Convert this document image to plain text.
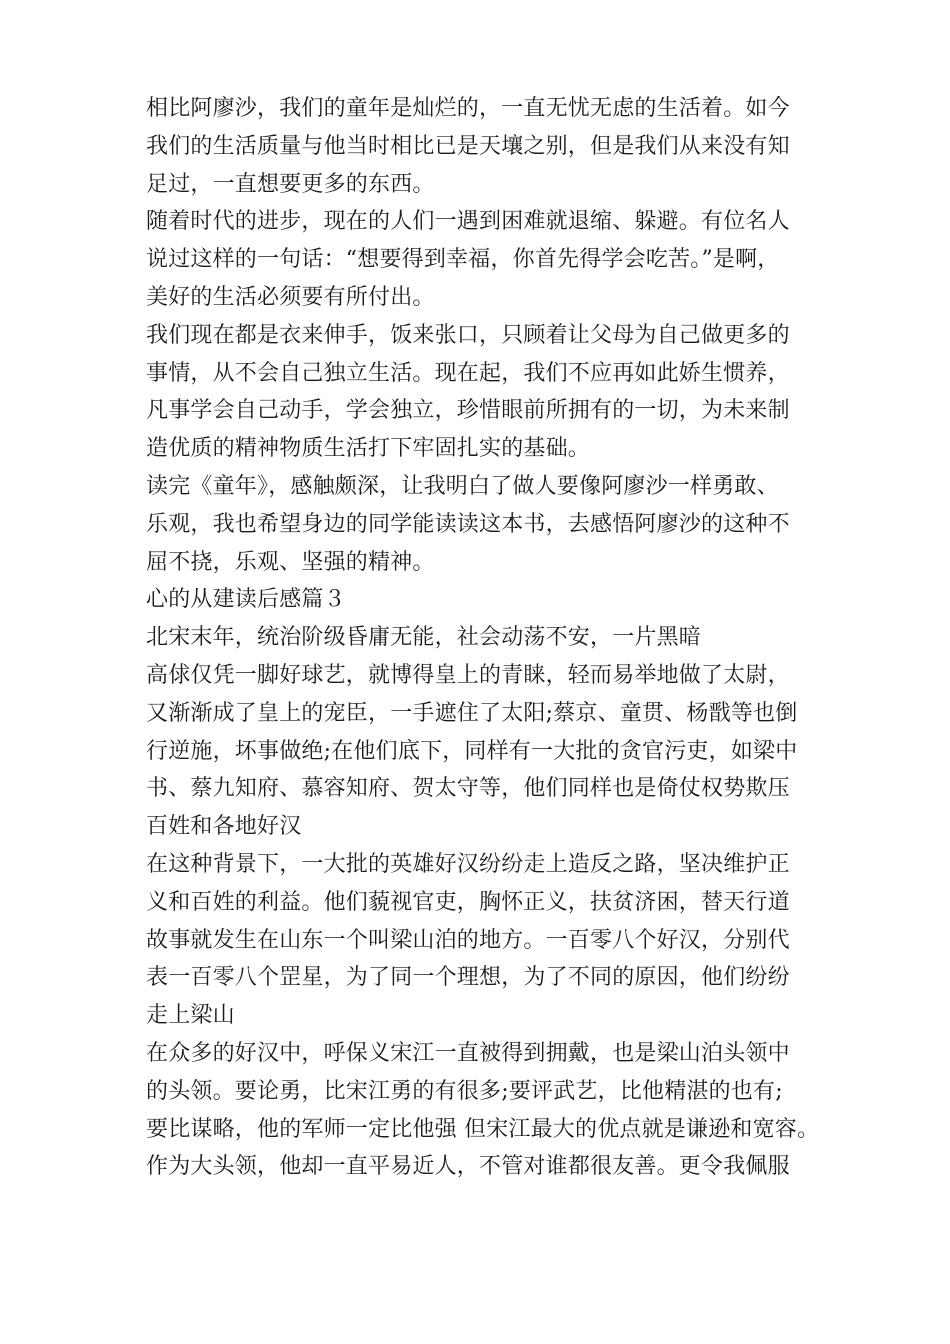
相比阿廖沙，我们的童年是灿烂的，一直无忧无虑的生活着。如今
我们的生活质量与他当时相比已是天壤之别，但是我们从来没有知
足过，一直想要更多的东西。
随着时代的进步，现在的人们一遇到困难就退缩、躲避。有位名人
说过这样的一句话：“想要得到幸福，你首先得学会吃苦。”是啊，
美好的生活必须要有所付出。
我们现在都是衣来伸手，饭来张口，只顾着让父母为自己做更多的
事情，从不会自己独立生活。现在起，我们不应再如此娇生惯养，
凡事学会自己动手，学会独立，珍惜眼前所拥有的一切，为未来制
造优质的精神物质生活打下牢固扎实的基础。
读完《童年》，感触颇深，让我明白了做人要像阿廖沙一样勇敢、
乐观，我也希望身边的同学能读读这本书，去感悟阿廖沙的这种不
屈不挠，乐观、坚强的精神。
心的从建读后感篇３
北宋末年，统治阶级昏庸无能，社会动荡不安，一片黑暗
高俅仅凭一脚好球艺，就博得皇上的青睐，轻而易举地做了太尉，
又渐渐成了皇上的宠臣，一手遮住了太阳;蔡京、童贯、杨戬等也倒
行逆施，坏事做绝;在他们底下，同样有一大批的贪官污吏，如梁中
书、蔡九知府、慕容知府、贺太守等，他们同样也是倚仗权势欺压
百姓和各地好汉
在这种背景下，一大批的英雄好汉纷纷走上造反之路，坚决维护正
义和百姓的利益。他们藐视官吏，胸怀正义，扶贫济困，替天行道
故事就发生在山东一个叫梁山泊的地方。一百零八个好汉，分别代
表一百零八个罡星，为了同一个理想，为了不同的原因，他们纷纷
走上梁山
在众多的好汉中，呼保义宋江一直被得到拥戴，也是梁山泊头领中
的头领。要论勇，比宋江勇的有很多;要评武艺，比他精湛的也有;
要比谋略，他的军师一定比他强 但宋江最大的优点就是谦逊和宽容。
作为大头领，他却一直平易近人，不管对谁都很友善。更令我佩服
